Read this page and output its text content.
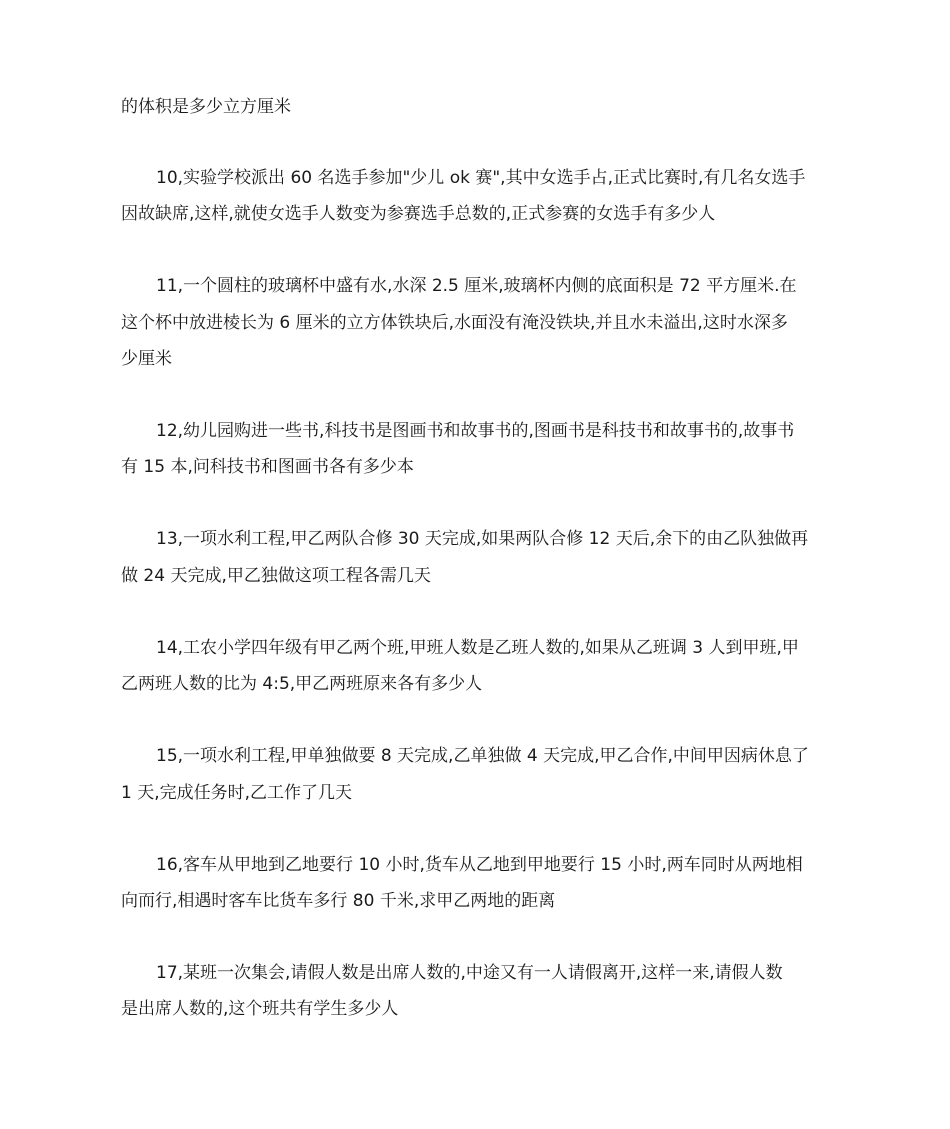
的体积是多少立方厘米
10,实验学校派出 60 名选手参加"少儿 ok 赛",其中女选手占,正式比赛时,有几名女选手
因故缺席,这样,就使女选手人数变为参赛选手总数的,正式参赛的女选手有多少人
11,一个圆柱的玻璃杯中盛有水,水深 2.5 厘米,玻璃杯内侧的底面积是 72 平方厘米.在
这个杯中放进棱长为 6 厘米的立方体铁块后,水面没有淹没铁块,并且水未溢出,这时水深多
少厘米
12,幼儿园购进一些书,科技书是图画书和故事书的,图画书是科技书和故事书的,故事书
有 15 本,问科技书和图画书各有多少本
13,一项水利工程,甲乙两队合修 30 天完成,如果两队合修 12 天后,余下的由乙队独做再
做 24 天完成,甲乙独做这项工程各需几天
14,工农小学四年级有甲乙两个班,甲班人数是乙班人数的,如果从乙班调 3 人到甲班,甲
乙两班人数的比为 4:5,甲乙两班原来各有多少人
15,一项水利工程,甲单独做要 8 天完成,乙单独做 4 天完成,甲乙合作,中间甲因病休息了
1 天,完成任务时,乙工作了几天
16,客车从甲地到乙地要行 10 小时,货车从乙地到甲地要行 15 小时,两车同时从两地相
向而行,相遇时客车比货车多行 80 千米,求甲乙两地的距离
17,某班一次集会,请假人数是出席人数的,中途又有一人请假离开,这样一来,请假人数
是出席人数的,这个班共有学生多少人
